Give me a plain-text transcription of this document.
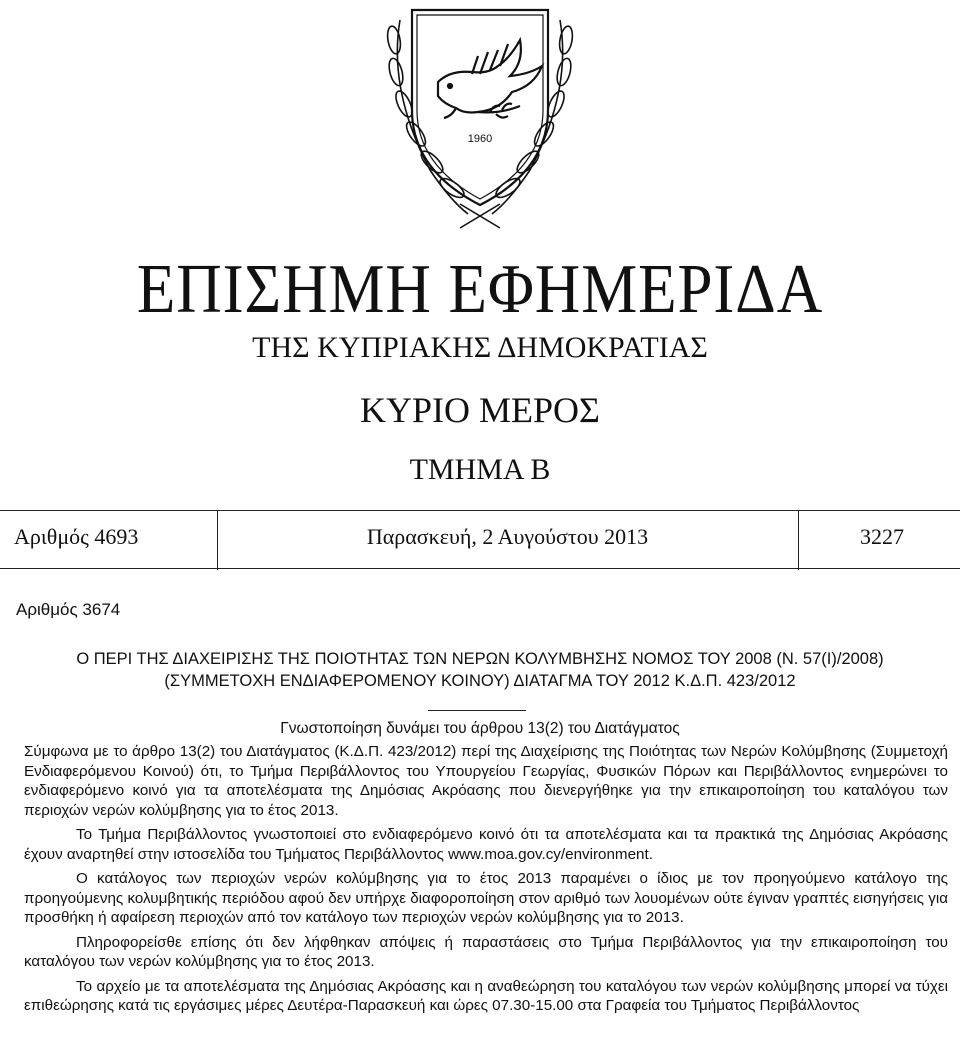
1960
ΕΠΙΣΗΜΗ ΕΦΗΜΕΡΙΔΑ
ΤΗΣ ΚΥΠΡΙΑΚΗΣ ΔΗΜΟΚΡΑΤΙΑΣ
ΚΥΡΙΟ ΜΕΡΟΣ
ΤΜΗΜΑ Β
Αριθμός 4693	Παρασκευή, 2 Αυγούστου 2013	3227
Αριθμός 3674
Ο ΠΕΡΙ ΤΗΣ ΔΙΑΧΕΙΡΙΣΗΣ ΤΗΣ ΠΟΙΟΤΗΤΑΣ ΤΩΝ ΝΕΡΩΝ ΚΟΛΥΜΒΗΣΗΣ ΝΟΜΟΣ ΤΟΥ 2008 (Ν. 57(I)/2008)
(ΣΥΜΜΕΤΟΧΗ ΕΝΔΙΑΦΕΡΟΜΕΝΟΥ ΚΟΙΝΟΥ) ΔΙΑΤΑΓΜΑ ΤΟΥ 2012 Κ.Δ.Π. 423/2012
Γνωστοποίηση δυνάμει του άρθρου 13(2) του Διατάγματος

Σύμφωνα με το άρθρο 13(2) του Διατάγματος (Κ.Δ.Π. 423/2012) περί της Διαχείρισης της Ποιότητας των Νερών Κολύμβησης (Συμμετοχή Ενδιαφερόμενου Κοινού) ότι, το Τμήμα Περιβάλλοντος του Υπουργείου Γεωργίας, Φυσικών Πόρων και Περιβάλλοντος ενημερώνει το ενδιαφερόμενο κοινό για τα αποτελέσματα της Δημόσιας Ακρόασης που διενεργήθηκε για την επικαιροποίηση του καταλόγου των περιοχών νερών κολύμβησης για το έτος 2013.

Το Τμήμα Περιβάλλοντος γνωστοποιεί στο ενδιαφερόμενο κοινό ότι τα αποτελέσματα και τα πρακτικά της Δημόσιας Ακρόασης έχουν αναρτηθεί στην ιστοσελίδα του Τμήματος Περιβάλλοντος www.moa.gov.cy/environment.

Ο κατάλογος των περιοχών νερών κολύμβησης για το έτος 2013 παραμένει ο ίδιος με τον προηγούμενο κατάλογο της προηγούμενης κολυμβητικής περιόδου αφού δεν υπήρχε διαφοροποίηση στον αριθμό των λουομένων ούτε έγιναν γραπτές εισηγήσεις για προσθήκη ή αφαίρεση περιοχών από τον κατάλογο των περιοχών νερών κολύμβησης για το 2013.

Πληροφορείσθε επίσης ότι δεν λήφθηκαν απόψεις ή παραστάσεις στο Τμήμα Περιβάλλοντος για την επικαιροποίηση του καταλόγου των νερών κολύμβησης για το έτος 2013.

Το αρχείο με τα αποτελέσματα της Δημόσιας Ακρόασης και η αναθεώρηση του καταλόγου των νερών κολύμβησης μπορεί να τύχει επιθεώρησης κατά τις εργάσιμες μέρες Δευτέρα-Παρασκευή και ώρες 07.30-15.00 στα Γραφεία του Τμήματος Περιβάλλοντος
